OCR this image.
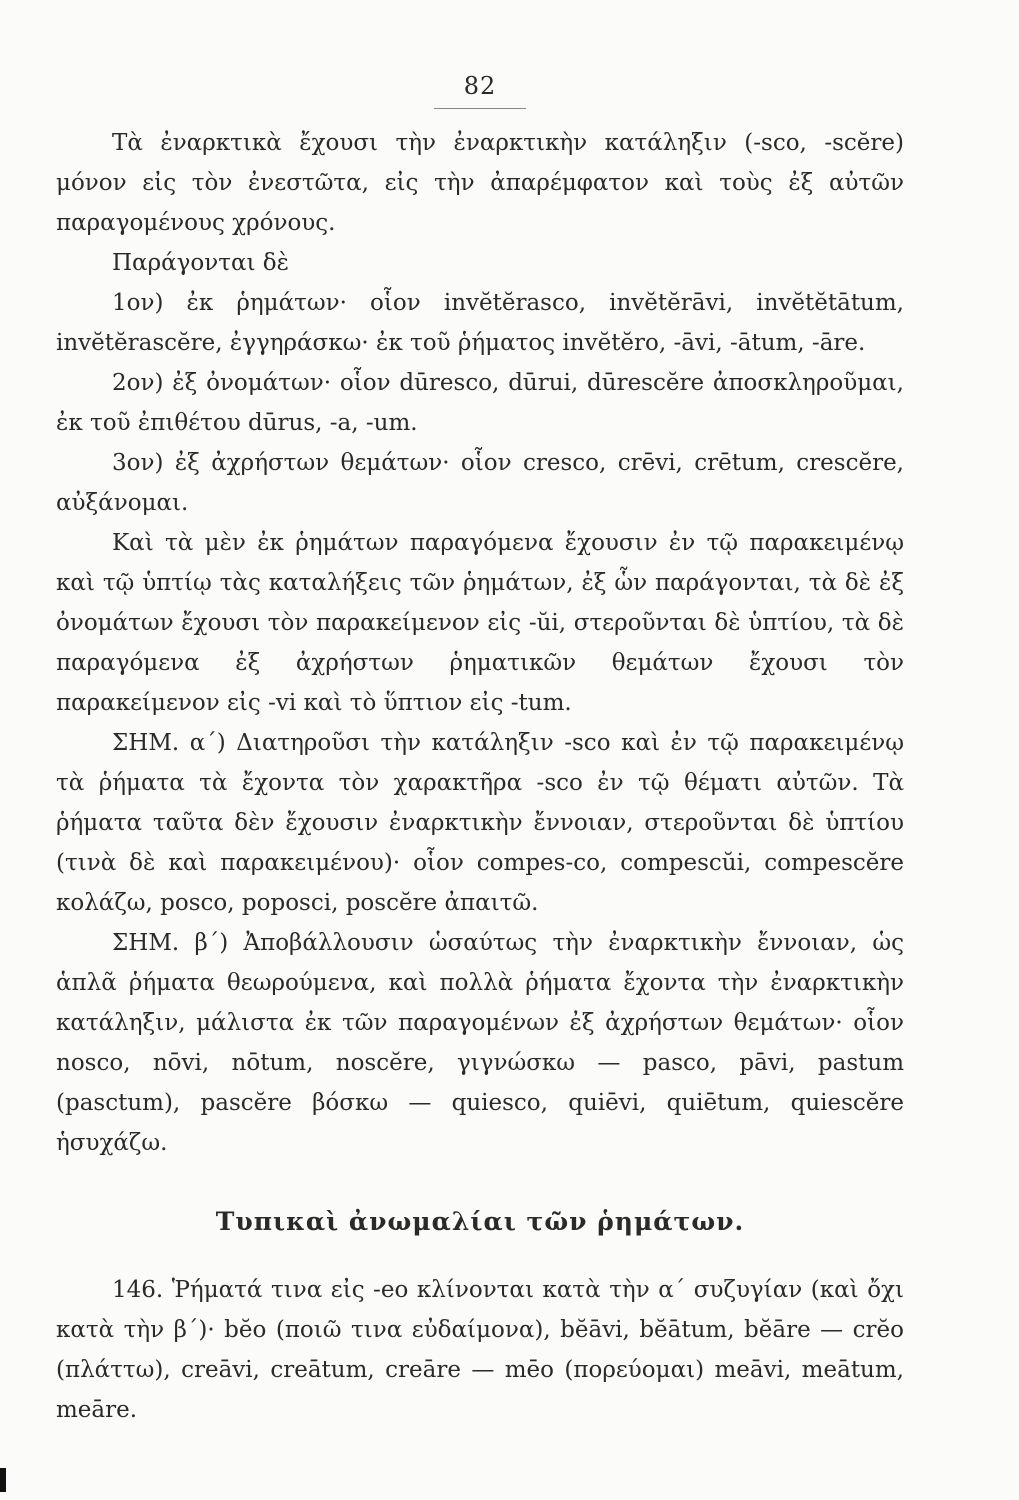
82

Τὰ ἐναρκτικὰ ἔχουσι τὴν ἐναρκτικὴν κατάληξιν (-sco, -scĕre) μόνον εἰς τὸν ἐνεστῶτα, εἰς τὴν ἀπαρέμφατον καὶ τοὺς ἐξ αὐτῶν παραγομένους χρόνους.

Παράγονται δὲ

1ον) ἐκ ῥημάτων· οἷον invĕtĕrasco, invĕtĕrāvi, invĕtĕtātum, invĕtĕrascĕre, ἐγγηράσκω· ἐκ τοῦ ῥήματος invĕtĕro, -āvi, -ātum, -āre.

2ον) ἐξ ὀνομάτων· οἷον dūresco, dūrui, dūrescĕre ἀποσκληροῦμαι, ἐκ τοῦ ἐπιθέτου dūrus, -a, -um.

3ον) ἐξ ἀχρήστων θεμάτων· οἷον cresco, crēvi, crētum, crescĕre, αὐξάνομαι.

Καὶ τὰ μὲν ἐκ ῥημάτων παραγόμενα ἔχουσιν ἐν τῷ παρακειμένῳ καὶ τῷ ὑπτίῳ τὰς καταλήξεις τῶν ῥημάτων, ἐξ ὧν παράγονται, τὰ δὲ ἐξ ὀνομάτων ἔχουσι τὸν παρακείμενον εἰς -ŭi, στεροῦνται δὲ ὑπτίου, τὰ δὲ παραγόμενα ἐξ ἀχρήστων ῥηματικῶν θεμάτων ἔχουσι τὸν παρακείμενον εἰς -vi καὶ τὸ ὕπτιον εἰς -tum.

ΣΗΜ. α΄) Διατηροῦσι τὴν κατάληξιν -sco καὶ ἐν τῷ παρακειμένῳ τὰ ῥήματα τὰ ἔχοντα τὸν χαρακτῆρα -sco ἐν τῷ θέματι αὐτῶν. Τὰ ῥήματα ταῦτα δὲν ἔχουσιν ἐναρκτικὴν ἔννοιαν, στεροῦνται δὲ ὑπτίου (τινὰ δὲ καὶ παρακειμένου)· οἷον compes-co, compescŭi, compescĕre κολάζω, posco, poposci, poscĕre ἀπαιτῶ.

ΣΗΜ. β΄) Ἀποβάλλουσιν ὡσαύτως τὴν ἐναρκτικὴν ἔννοιαν, ὡς ἁπλᾶ ῥήματα θεωρούμενα, καὶ πολλὰ ῥήματα ἔχοντα τὴν ἐναρκτικὴν κατάληξιν, μάλιστα ἐκ τῶν παραγομένων ἐξ ἀχρήστων θεμάτων· οἷον nosco, nōvi, nōtum, noscĕre, γιγνώσκω — pasco, pāvi, pastum (pasctum), pascĕre βόσκω — quiesco, quiēvi, quiētum, quiescĕre ἡσυχάζω.

Τυπικαὶ ἀνωμαλίαι τῶν ῥημάτων.

146. Ῥήματά τινα εἰς -eo κλίνονται κατὰ τὴν α΄ συζυγίαν (καὶ ὄχι κατὰ τὴν β΄)· bĕo (ποιῶ τινα εὐδαίμονα), bĕāvi, bĕātum, bĕāre — crĕo (πλάττω), creāvi, creātum, creāre — mēo (πορεύομαι) meāvi, meātum, meāre.
